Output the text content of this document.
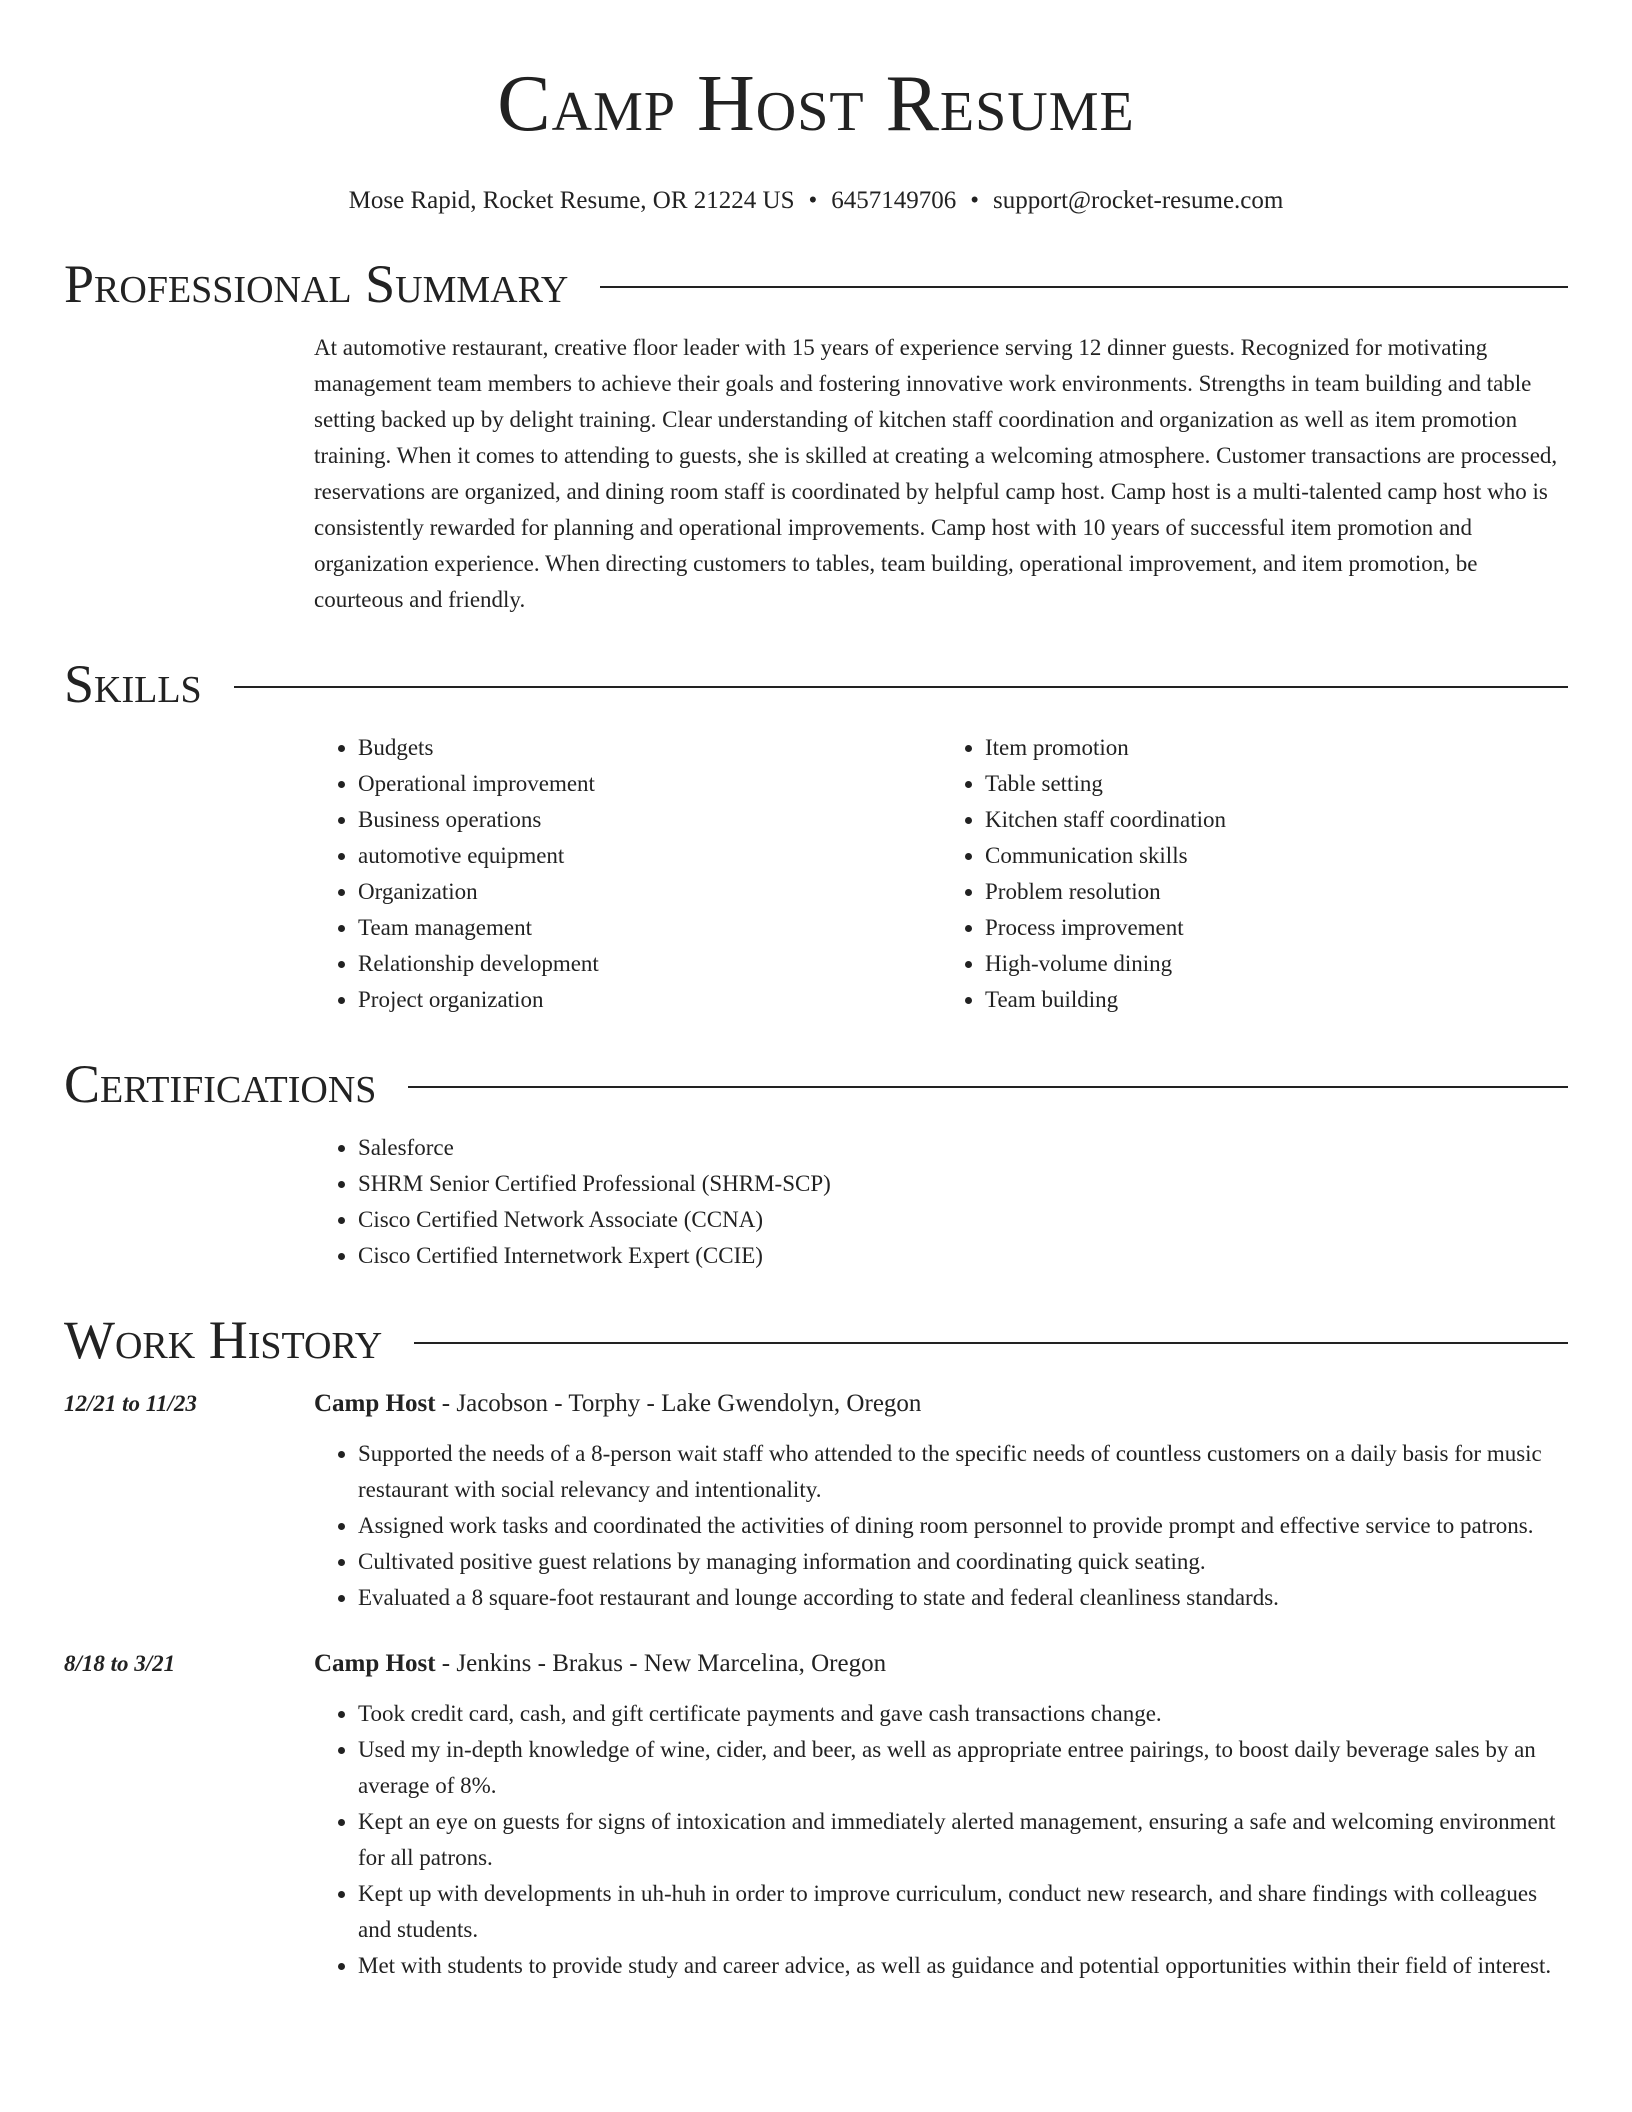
Camp Host Resume
Mose Rapid, Rocket Resume, OR 21224 US • 6457149706 • support@rocket-resume.com
Professional Summary
At automotive restaurant, creative floor leader with 15 years of experience serving 12 dinner guests. Recognized for motivating management team members to achieve their goals and fostering innovative work environments. Strengths in team building and table setting backed up by delight training. Clear understanding of kitchen staff coordination and organization as well as item promotion training. When it comes to attending to guests, she is skilled at creating a welcoming atmosphere. Customer transactions are processed, reservations are organized, and dining room staff is coordinated by helpful camp host. Camp host is a multi-talented camp host who is consistently rewarded for planning and operational improvements. Camp host with 10 years of successful item promotion and organization experience. When directing customers to tables, team building, operational improvement, and item promotion, be courteous and friendly.
Skills
• Budgets
• Operational improvement
• Business operations
• automotive equipment
• Organization
• Team management
• Relationship development
• Project organization
• Item promotion
• Table setting
• Kitchen staff coordination
• Communication skills
• Problem resolution
• Process improvement
• High-volume dining
• Team building
Certifications
• Salesforce
• SHRM Senior Certified Professional (SHRM-SCP)
• Cisco Certified Network Associate (CCNA)
• Cisco Certified Internetwork Expert (CCIE)
Work History
12/21 to 11/23	Camp Host - Jacobson - Torphy - Lake Gwendolyn, Oregon
• Supported the needs of a 8-person wait staff who attended to the specific needs of countless customers on a daily basis for music restaurant with social relevancy and intentionality.
• Assigned work tasks and coordinated the activities of dining room personnel to provide prompt and effective service to patrons.
• Cultivated positive guest relations by managing information and coordinating quick seating.
• Evaluated a 8 square-foot restaurant and lounge according to state and federal cleanliness standards.
8/18 to 3/21	Camp Host - Jenkins - Brakus - New Marcelina, Oregon
• Took credit card, cash, and gift certificate payments and gave cash transactions change.
• Used my in-depth knowledge of wine, cider, and beer, as well as appropriate entree pairings, to boost daily beverage sales by an average of 8%.
• Kept an eye on guests for signs of intoxication and immediately alerted management, ensuring a safe and welcoming environment for all patrons.
• Kept up with developments in uh-huh in order to improve curriculum, conduct new research, and share findings with colleagues and students.
• Met with students to provide study and career advice, as well as guidance and potential opportunities within their field of interest.
